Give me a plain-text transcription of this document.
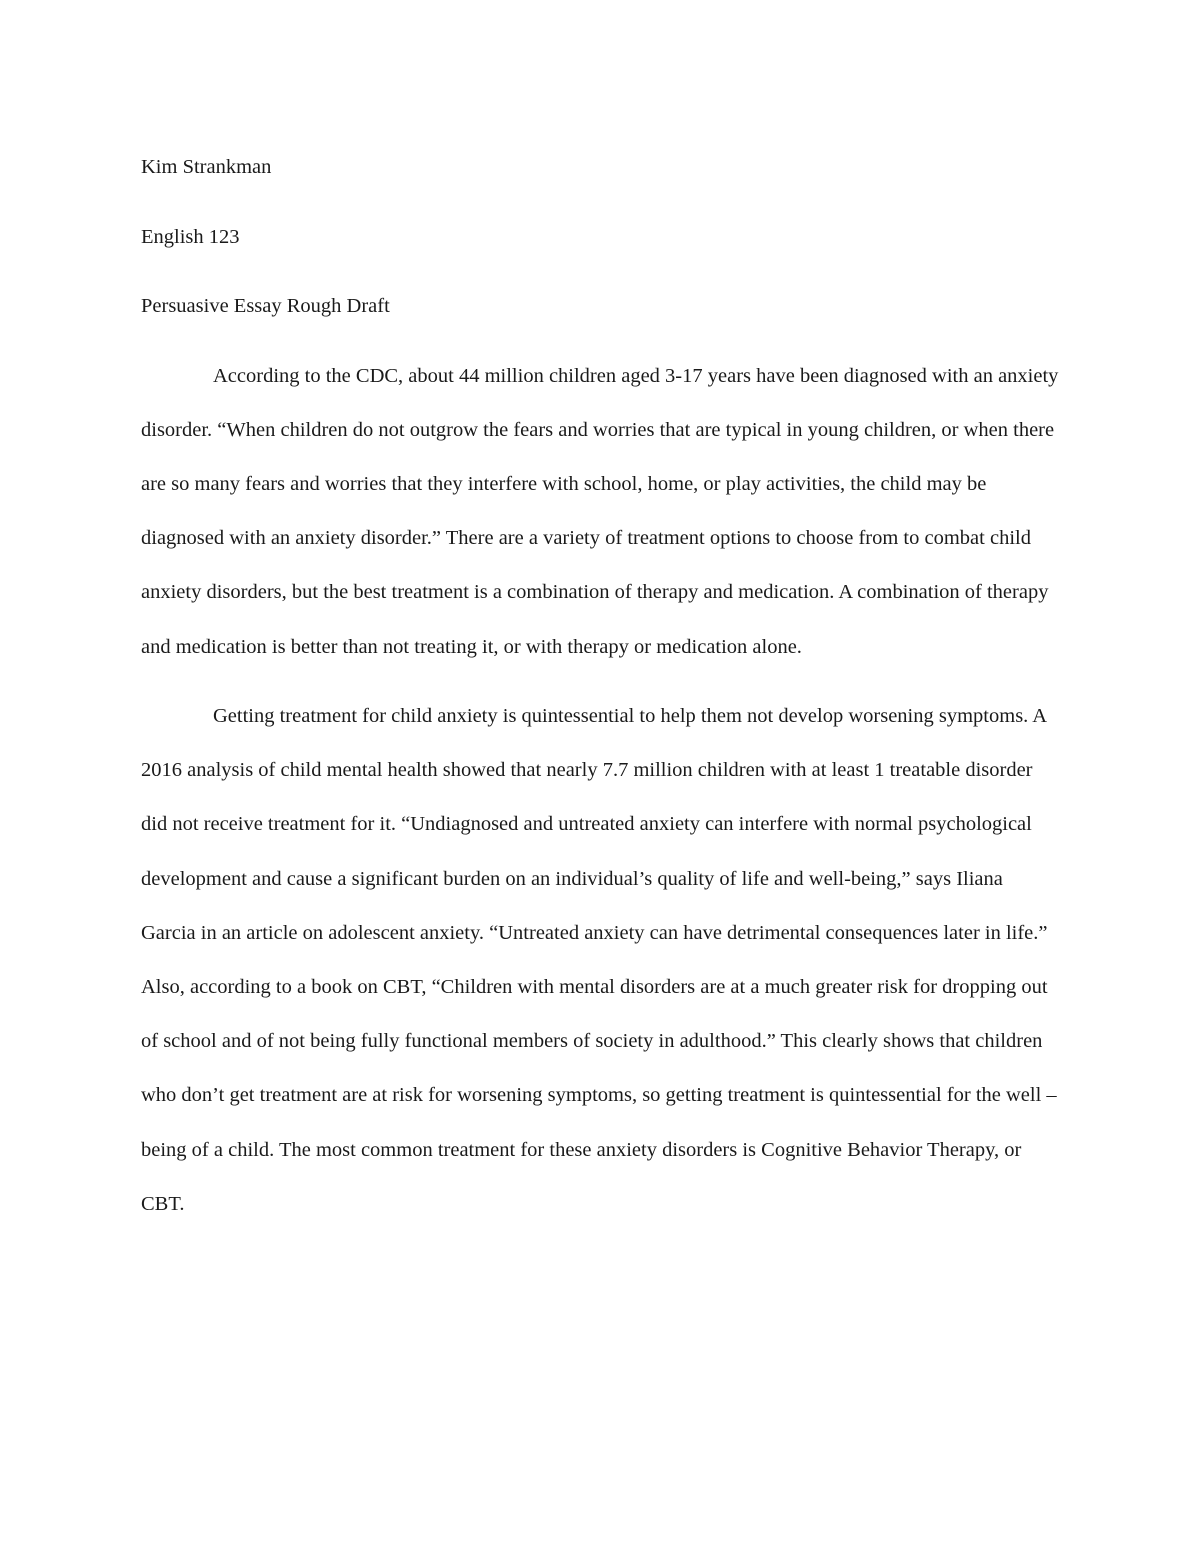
Kim Strankman

English 123

Persuasive Essay Rough Draft

According to the CDC, about 44 million children aged 3-17 years have been diagnosed with an anxiety disorder. “When children do not outgrow the fears and worries that are typical in young children, or when there are so many fears and worries that they interfere with school, home, or play activities, the child may be diagnosed with an anxiety disorder.” There are a variety of treatment options to choose from to combat child anxiety disorders, but the best treatment is a combination of therapy and medication. A combination of therapy and medication is better than not treating it, or with therapy or medication alone.

Getting treatment for child anxiety is quintessential to help them not develop worsening symptoms. A 2016 analysis of child mental health showed that nearly 7.7 million children with at least 1 treatable disorder did not receive treatment for it. “Undiagnosed and untreated anxiety can interfere with normal psychological development and cause a significant burden on an individual’s quality of life and well-being,” says Iliana Garcia in an article on adolescent anxiety. “Untreated anxiety can have detrimental consequences later in life.” Also, according to a book on CBT, “Children with mental disorders are at a much greater risk for dropping out of school and of not being fully functional members of society in adulthood.” This clearly shows that children who don’t get treatment are at risk for worsening symptoms, so getting treatment is quintessential for the well – being of a child. The most common treatment for these anxiety disorders is Cognitive Behavior Therapy, or CBT.
